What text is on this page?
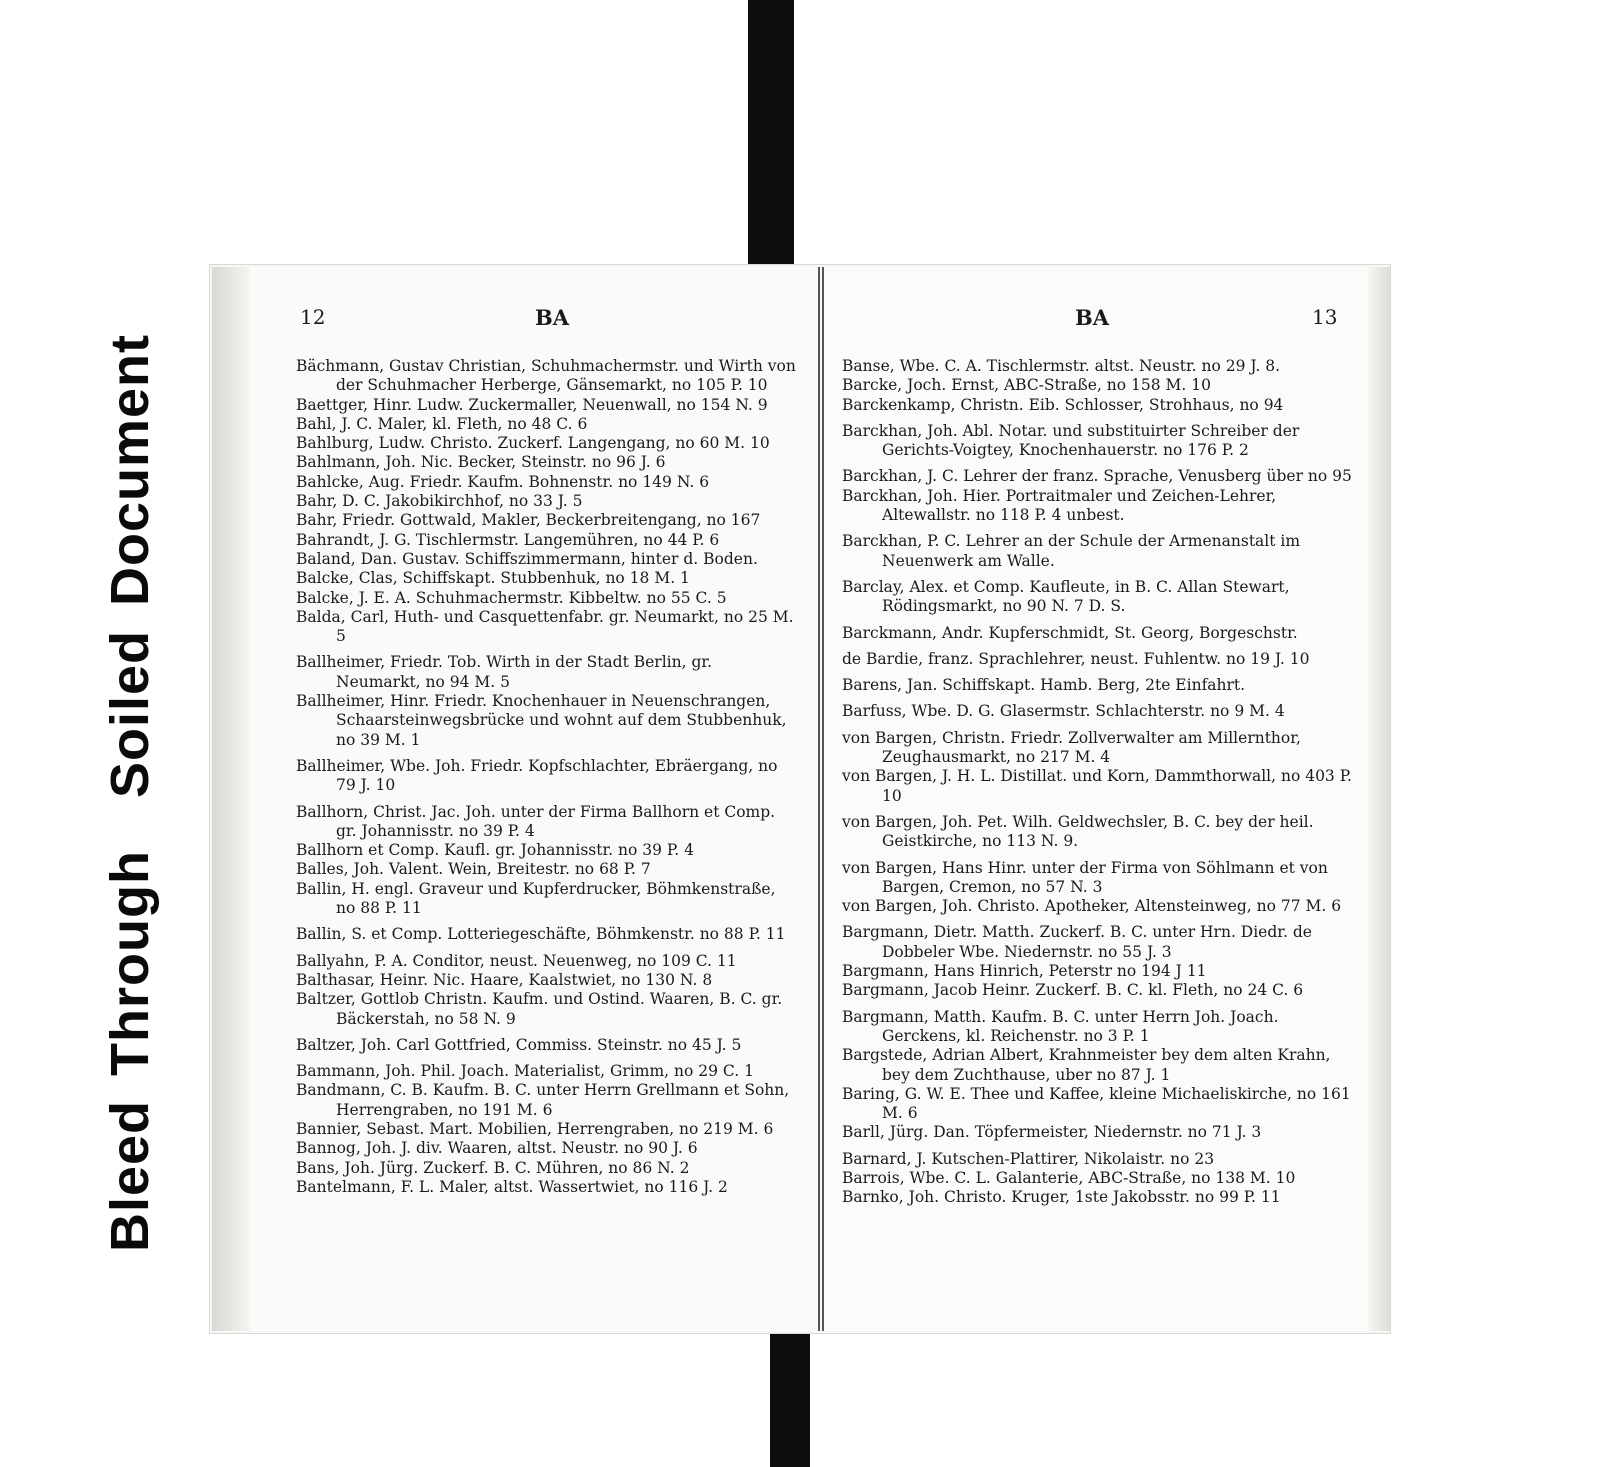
BleedThroughSoiledDocument
12	BA	BA	13

Bächmann, Gustav Christian, Schuhmachermstr. und Wirth von der Schuhmacher Herberge, Gänsemarkt, no 105 P. 10

Baettger, Hinr. Ludw. Zuckermaller, Neuenwall, no 154 N. 9

Bahl, J. C. Maler, kl. Fleth, no 48 C. 6

Bahlburg, Ludw. Christo. Zuckerf. Langengang, no 60 M. 10

Bahlmann, Joh. Nic. Becker, Steinstr. no 96 J. 6

Bahlcke, Aug. Friedr. Kaufm. Bohnenstr. no 149 N. 6

Bahr, D. C. Jakobikirchhof, no 33 J. 5

Bahr, Friedr. Gottwald, Makler, Beckerbreitengang, no 167

Bahrandt, J. G. Tischlermstr. Langemühren, no 44 P. 6

Baland, Dan. Gustav. Schiffszimmermann, hinter d. Boden.

Balcke, Clas, Schiffskapt. Stubbenhuk, no 18 M. 1

Balcke, J. E. A. Schuhmachermstr. Kibbeltw. no 55 C. 5

Balda, Carl, Huth- und Casquettenfabr. gr. Neumarkt, no 25 M. 5

Ballheimer, Friedr. Tob. Wirth in der Stadt Berlin, gr. Neumarkt, no 94 M. 5

Ballheimer, Hinr. Friedr. Knochenhauer in Neuenschrangen, Schaarsteinwegsbrücke und wohnt auf dem Stubbenhuk, no 39 M. 1

Ballheimer, Wbe. Joh. Friedr. Kopfschlachter, Ebräergang, no 79 J. 10

Ballhorn, Christ. Jac. Joh. unter der Firma Ballhorn et Comp. gr. Johannisstr. no 39 P. 4

Ballhorn et Comp. Kaufl. gr. Johannisstr. no 39 P. 4

Balles, Joh. Valent. Wein, Breitestr. no 68 P. 7

Ballin, H. engl. Graveur und Kupferdrucker, Böhmkenstraße, no 88 P. 11

Ballin, S. et Comp. Lotteriegeschäfte, Böhmkenstr. no 88 P. 11

Ballyahn, P. A. Conditor, neust. Neuenweg, no 109 C. 11

Balthasar, Heinr. Nic. Haare, Kaalstwiet, no 130 N. 8

Baltzer, Gottlob Christn. Kaufm. und Ostind. Waaren, B. C. gr. Bäckerstah, no 58 N. 9

Baltzer, Joh. Carl Gottfried, Commiss. Steinstr. no 45 J. 5

Bammann, Joh. Phil. Joach. Materialist, Grimm, no 29 C. 1

Bandmann, C. B. Kaufm. B. C. unter Herrn Grellmann et Sohn, Herrengraben, no 191 M. 6

Bannier, Sebast. Mart. Mobilien, Herrengraben, no 219 M. 6

Bannog, Joh. J. div. Waaren, altst. Neustr. no 90 J. 6

Bans, Joh. Jürg. Zuckerf. B. C. Mühren, no 86 N. 2

Bantelmann, F. L. Maler, altst. Wassertwiet, no 116 J. 2

Banse, Wbe. C. A. Tischlermstr. altst. Neustr. no 29 J. 8.

Barcke, Joch. Ernst, ABC-Straße, no 158 M. 10

Barckenkamp, Christn. Eib. Schlosser, Strohhaus, no 94

Barckhan, Joh. Abl. Notar. und substituirter Schreiber der Gerichts-Voigtey, Knochenhauerstr. no 176 P. 2

Barckhan, J. C. Lehrer der franz. Sprache, Venusberg über no 95

Barckhan, Joh. Hier. Portraitmaler und Zeichen-Lehrer, Altewallstr. no 118 P. 4 unbest.

Barckhan, P. C. Lehrer an der Schule der Armenanstalt im Neuenwerk am Walle.

Barclay, Alex. et Comp. Kaufleute, in B. C. Allan Stewart, Rödingsmarkt, no 90 N. 7 D. S.

Barckmann, Andr. Kupferschmidt, St. Georg, Borgeschstr.

de Bardie, franz. Sprachlehrer, neust. Fuhlentw. no 19 J. 10

Barens, Jan. Schiffskapt. Hamb. Berg, 2te Einfahrt.

Barfuss, Wbe. D. G. Glasermstr. Schlachterstr. no 9 M. 4

von Bargen, Christn. Friedr. Zollverwalter am Millernthor, Zeughausmarkt, no 217 M. 4

von Bargen, J. H. L. Distillat. und Korn, Dammthorwall, no 403 P. 10

von Bargen, Joh. Pet. Wilh. Geldwechsler, B. C. bey der heil. Geistkirche, no 113 N. 9.

von Bargen, Hans Hinr. unter der Firma von Söhlmann et von Bargen, Cremon, no 57 N. 3

von Bargen, Joh. Christo. Apotheker, Altensteinweg, no 77 M. 6

Bargmann, Dietr. Matth. Zuckerf. B. C. unter Hrn. Diedr. de Dobbeler Wbe. Niedernstr. no 55 J. 3

Bargmann, Hans Hinrich, Peterstr no 194 J 11

Bargmann, Jacob Heinr. Zuckerf. B. C. kl. Fleth, no 24 C. 6

Bargmann, Matth. Kaufm. B. C. unter Herrn Joh. Joach. Gerckens, kl. Reichenstr. no 3 P. 1

Bargstede, Adrian Albert, Krahnmeister bey dem alten Krahn, bey dem Zuchthause, uber no 87 J. 1

Baring, G. W. E. Thee und Kaffee, kleine Michaeliskirche, no 161 M. 6

Barll, Jürg. Dan. Töpfermeister, Niedernstr. no 71 J. 3

Barnard, J. Kutschen-Plattirer, Nikolaistr. no 23

Barrois, Wbe. C. L. Galanterie, ABC-Straße, no 138 M. 10

Barnko, Joh. Christo. Kruger, 1ste Jakobsstr. no 99 P. 11
